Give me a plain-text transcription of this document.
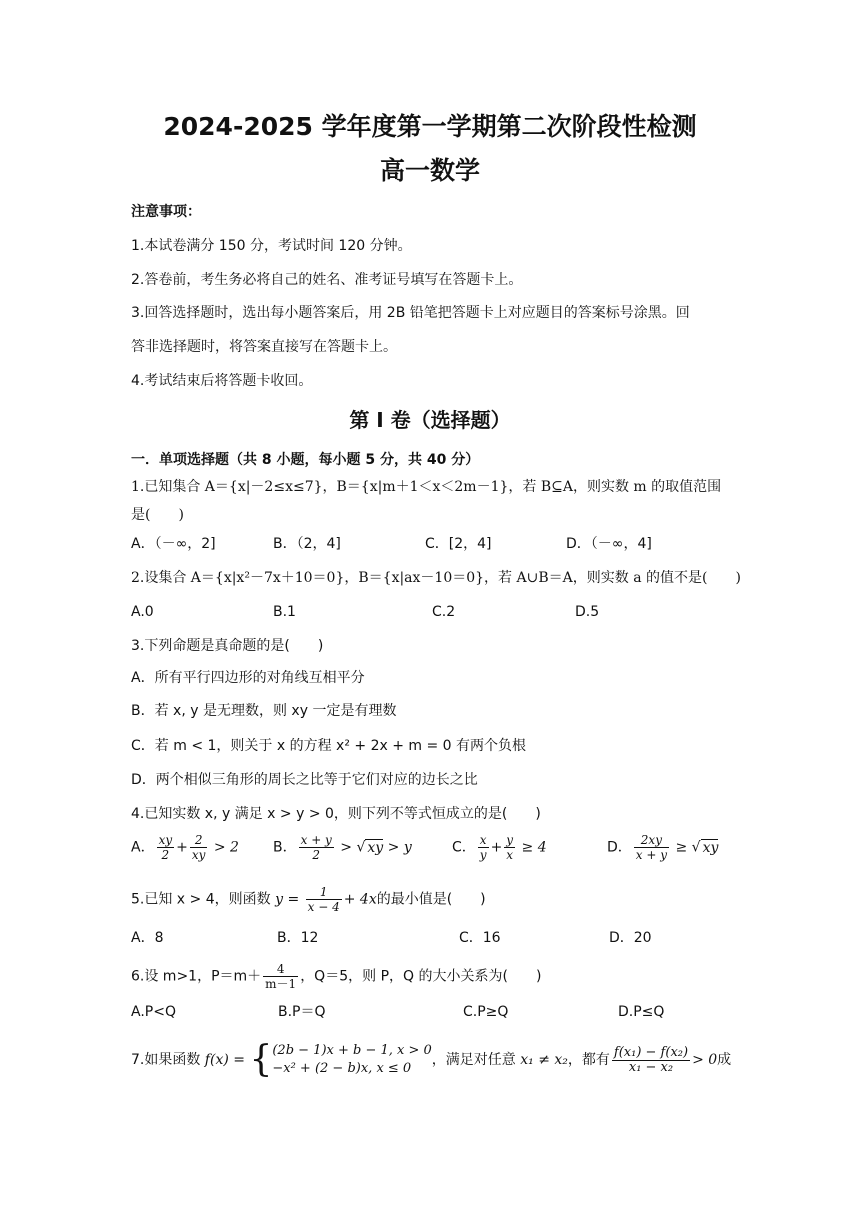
2024-2025 学年度第一学期第二次阶段性检测
高一数学
注意事项：
1.本试卷满分 150 分，考试时间 120 分钟。
2.答卷前，考生务必将自己的姓名、准考证号填写在答题卡上。
3.回答选择题时，选出每小题答案后，用 2B 铅笔把答题卡上对应题目的答案标号涂黑。回
答非选择题时，将答案直接写在答题卡上。
4.考试结束后将答题卡收回。
第 I 卷（选择题）
一．单项选择题（共 8 小题，每小题 5 分，共 40 分）
1.已知集合 A＝{x|－2≤x≤7}，B＝{x|m＋1＜x＜2m－1}，若 B⊆A，则实数 m 的取值范围
是(　　)
A．（－∞，2]	B．（2，4]	C．[2，4]	D．（－∞，4]
2.设集合 A＝{x|x²－7x＋10＝0}，B＝{x|ax－10＝0}，若 A∪B＝A，则实数 a 的值不是(　　)
A.0	B.1	C.2	D.5
3.下列命题是真命题的是(　　)
A．所有平行四边形的对角线互相平分
B．若 x, y 是无理数，则 xy 一定是有理数
C．若 m < 1，则关于 x 的方程 x² + 2x + m = 0 有两个负根
D．两个相似三角形的周长之比等于它们对应的边长之比
4.已知实数 x, y 满足 x > y > 0，则下列不等式恒成立的是(　　)
A． $\frac{xy}{2} + \frac{2}{xy} > 2$ B． $\frac{x + y}{2}$ > √ xy > y	C． $\frac{x}{y} + \frac{y}{x} \ge 4$	D． $\frac{2xy}{x + y}$ ≥ √ xy
5.已知 x > 4，则函数 $y = \frac{1}{x - 4} + 4x$的最小值是(　　)
A．8	B．12	C．16	D．20
6.设 m>1，$P=m+ \frac{4}{m-1}$ ，Q＝5，则 P，Q 的大小关系为(　　)
A.P<Q	B.P＝Q	C.P≥Q	D.P≤Q
7.如果函数 f(x) = { (2b − 1)x + b − 1, x > 0
−x² + (2 − b)x, x ≤ 0
，满足对任意 x₁ ≠ x₂，都有 $\frac{\text{f(x₁) − f(x₂)}}{\text{x₁ − x₂}} > 0$成
